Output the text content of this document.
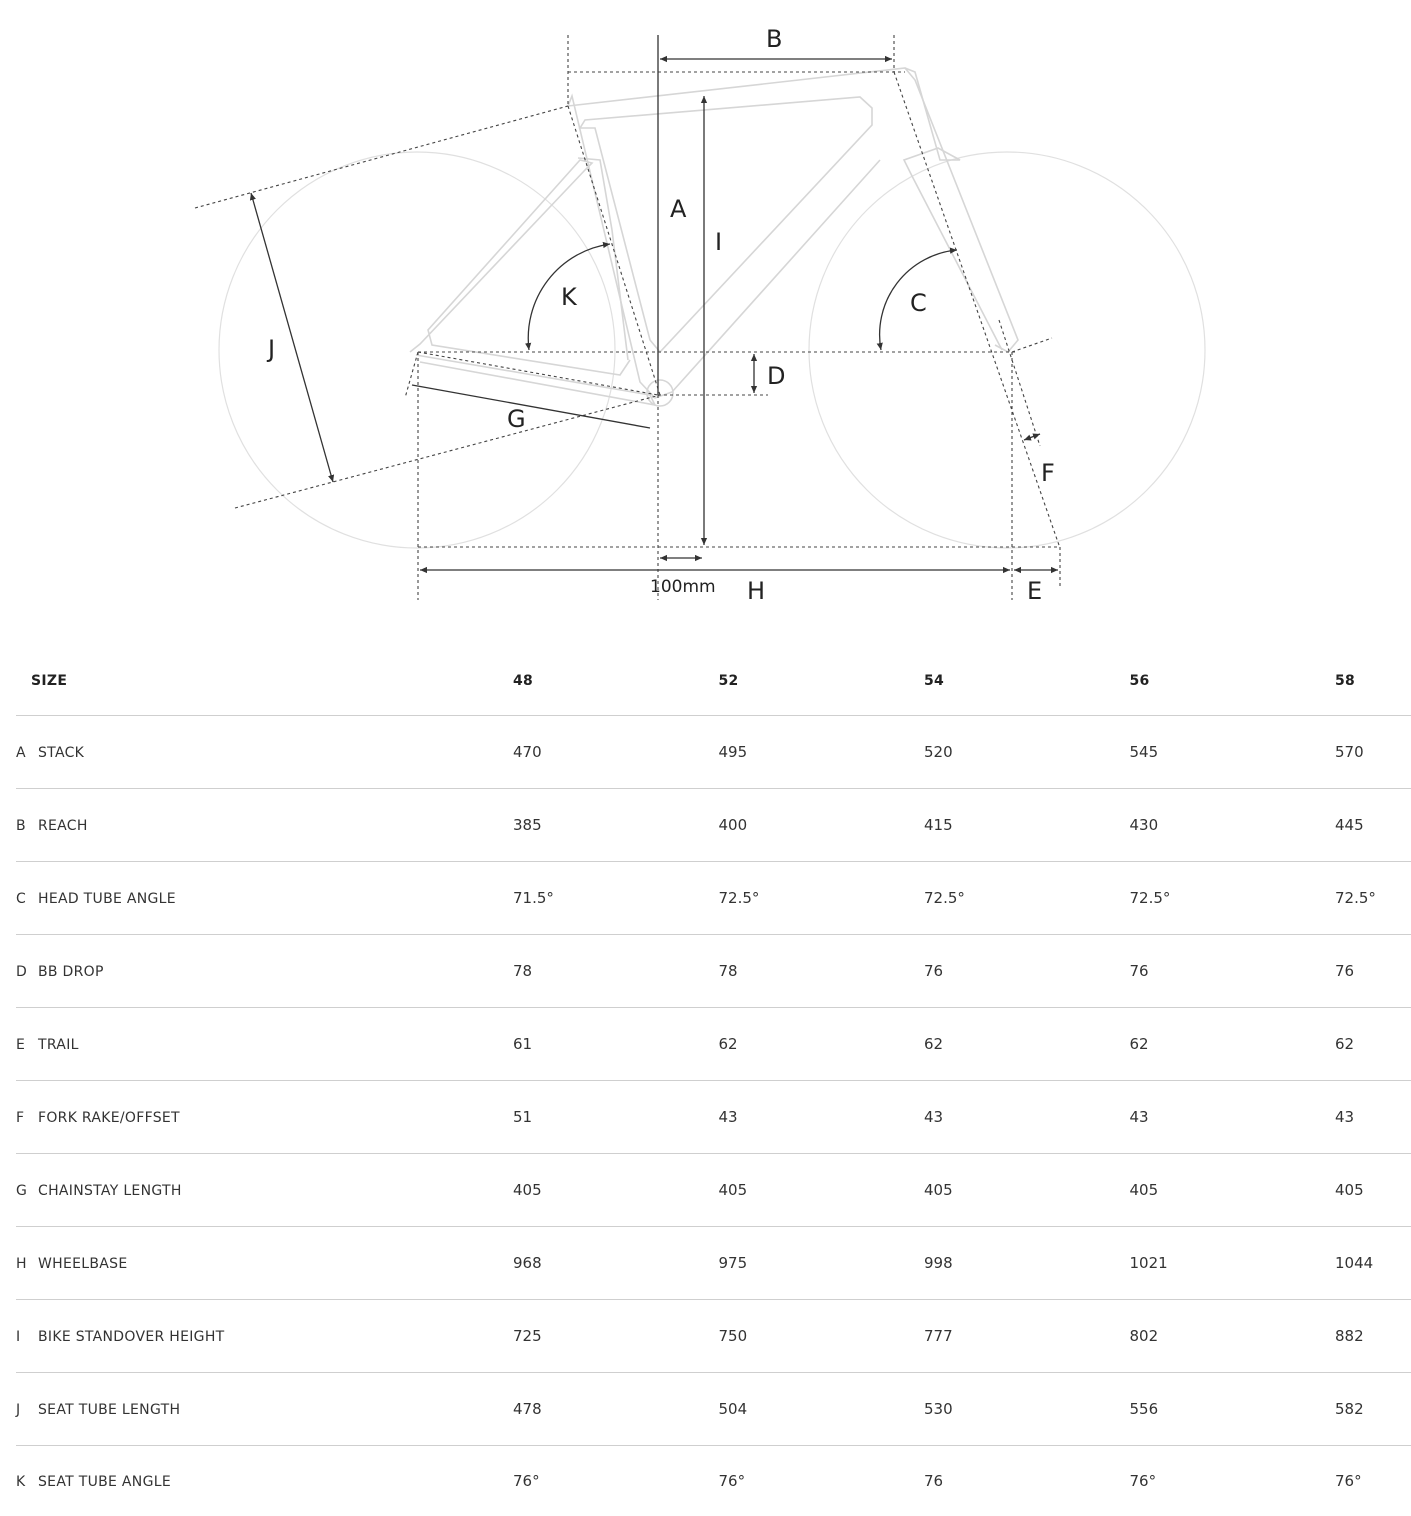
A
B
C
D
E
F
G
H
I
J
K
100mm
SIZE	48	52	54	56	58
A STACK	470	495	520	545	570
B REACH	385	400	415	430	445
C HEAD TUBE ANGLE	71.5°	72.5°	72.5°	72.5°	72.5°
D BB DROP	78	78	76	76	76
E TRAIL	61	62	62	62	62
F FORK RAKE/OFFSET	51	43	43	43	43
G CHAINSTAY LENGTH	405	405	405	405	405
H WHEELBASE	968	975	998	1021	1044
I BIKE STANDOVER HEIGHT	725	750	777	802	882
J SEAT TUBE LENGTH	478	504	530	556	582
K SEAT TUBE ANGLE	76°	76°	76	76°	76°
